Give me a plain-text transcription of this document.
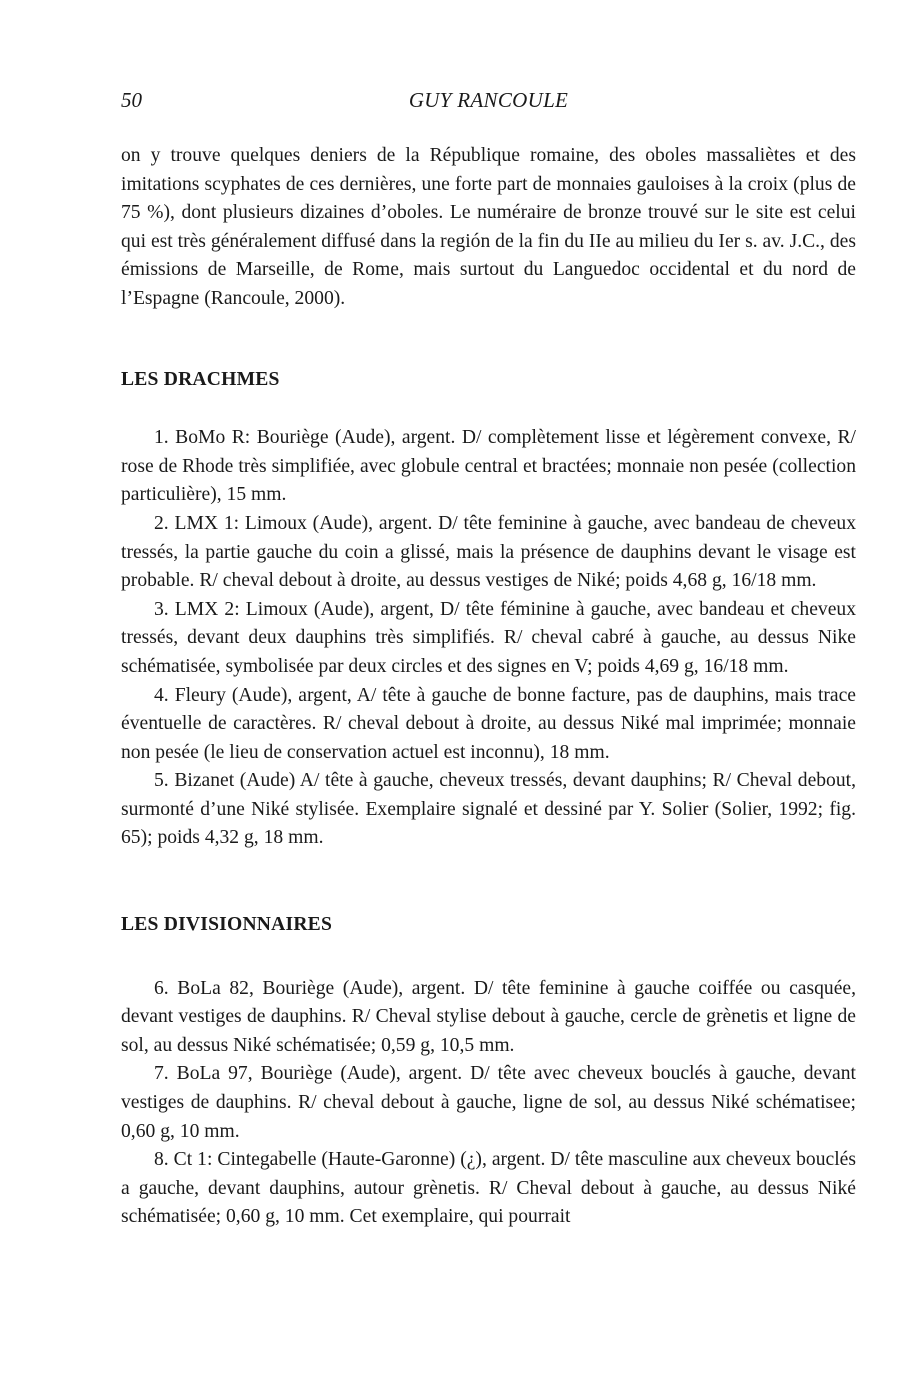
50	GUY RANCOULE

on y trouve quelques deniers de la République romaine, des oboles massaliètes et des imitations scyphates de ces dernières, une forte part de monnaies gauloises à la croix (plus de 75 %), dont plusieurs dizaines d’oboles. Le numéraire de bronze trouvé sur le site est celui qui est très généralement diffusé dans la región de la fin du IIe au milieu du Ier s. av. J.C., des émissions de Marseille, de Rome, mais surtout du Languedoc occidental et du nord de l’Espagne (Rancoule, 2000).

LES DRACHMES

1. BoMo R: Bouriège (Aude), argent. D/ complètement lisse et légèrement convexe, R/ rose de Rhode très simplifiée, avec globule central et bractées; monnaie non pesée (collection particulière), 15 mm.

2. LMX 1: Limoux (Aude), argent. D/ tête feminine à gauche, avec bandeau de cheveux tressés, la partie gauche du coin a glissé, mais la présence de dauphins devant le visage est probable. R/ cheval debout à droite, au dessus vestiges de Niké; poids 4,68 g, 16/18 mm.

3. LMX 2: Limoux (Aude), argent, D/ tête féminine à gauche, avec bandeau et cheveux tressés, devant deux dauphins très simplifiés. R/ cheval cabré à gauche, au dessus Nike schématisée, symbolisée par deux circles et des signes en V; poids 4,69 g, 16/18 mm.

4. Fleury (Aude), argent, A/ tête à gauche de bonne facture, pas de dauphins, mais trace éventuelle de caractères. R/ cheval debout à droite, au dessus Niké mal imprimée; monnaie non pesée (le lieu de conservation actuel est inconnu), 18 mm.

5. Bizanet (Aude) A/ tête à gauche, cheveux tressés, devant dauphins; R/ Cheval debout, surmonté d’une Niké stylisée. Exemplaire signalé et dessiné par Y. Solier (Solier, 1992; fig. 65); poids 4,32 g, 18 mm.

LES DIVISIONNAIRES

6. BoLa 82, Bouriège (Aude), argent. D/ tête feminine à gauche coiffée ou casquée, devant vestiges de dauphins. R/ Cheval stylise debout à gauche, cercle de grènetis et ligne de sol, au dessus Niké schématisée; 0,59 g, 10,5 mm.

7. BoLa 97, Bouriège (Aude), argent. D/ tête avec cheveux bouclés à gauche, devant vestiges de dauphins. R/ cheval debout à gauche, ligne de sol, au dessus Niké schématisee; 0,60 g, 10 mm.

8. Ct 1: Cintegabelle (Haute-Garonne) (¿), argent. D/ tête masculine aux cheveux bouclés a gauche, devant dauphins, autour grènetis. R/ Cheval debout à gauche, au dessus Niké schématisée; 0,60 g, 10 mm. Cet exemplaire, qui pourrait
